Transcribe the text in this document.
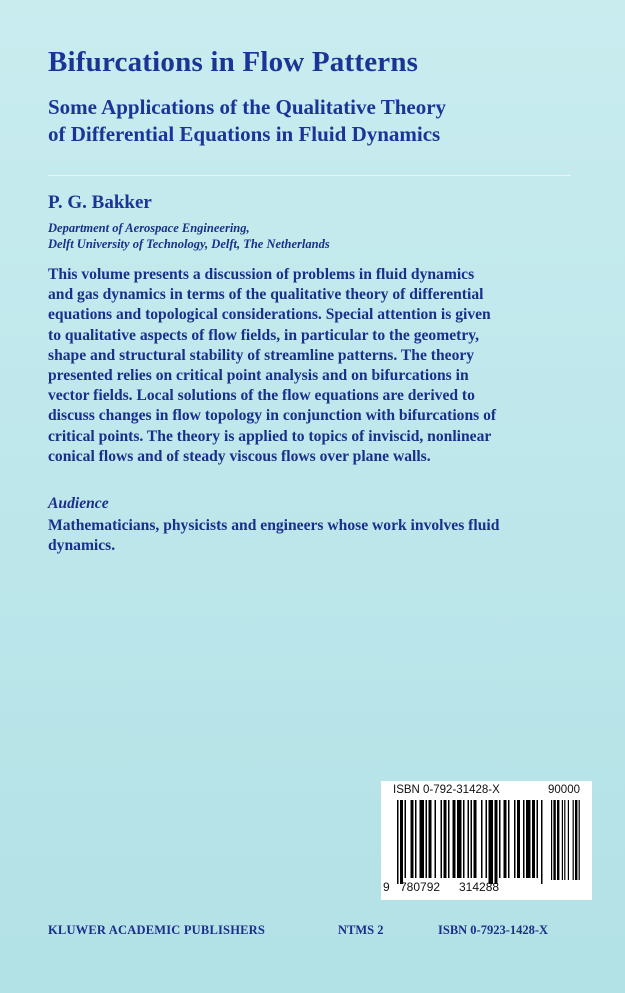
Bifurcations in Flow Patterns
Some Applications of the Qualitative Theory
of Differential Equations in Fluid Dynamics
P. G. Bakker
Department of Aerospace Engineering,
Delft University of Technology, Delft, The Netherlands

This volume presents a discussion of problems in fluid dynamics
and gas dynamics in terms of the qualitative theory of differential
equations and topological considerations. Special attention is given
to qualitative aspects of flow fields, in particular to the geometry,
shape and structural stability of streamline patterns. The theory
presented relies on critical point analysis and on bifurcations in
vector fields. Local solutions of the flow equations are derived to
discuss changes in flow topology in conjunction with bifurcations of
critical points. The theory is applied to topics of inviscid, nonlinear
conical flows and of steady viscous flows over plane walls.

Audience
Mathematicians, physicists and engineers whose work involves fluid
dynamics.
ISBN 0-792-31428-X	90000
9 780792 314288
KLUWER ACADEMIC PUBLISHERS	NTMS 2	ISBN 0-7923-1428-X
